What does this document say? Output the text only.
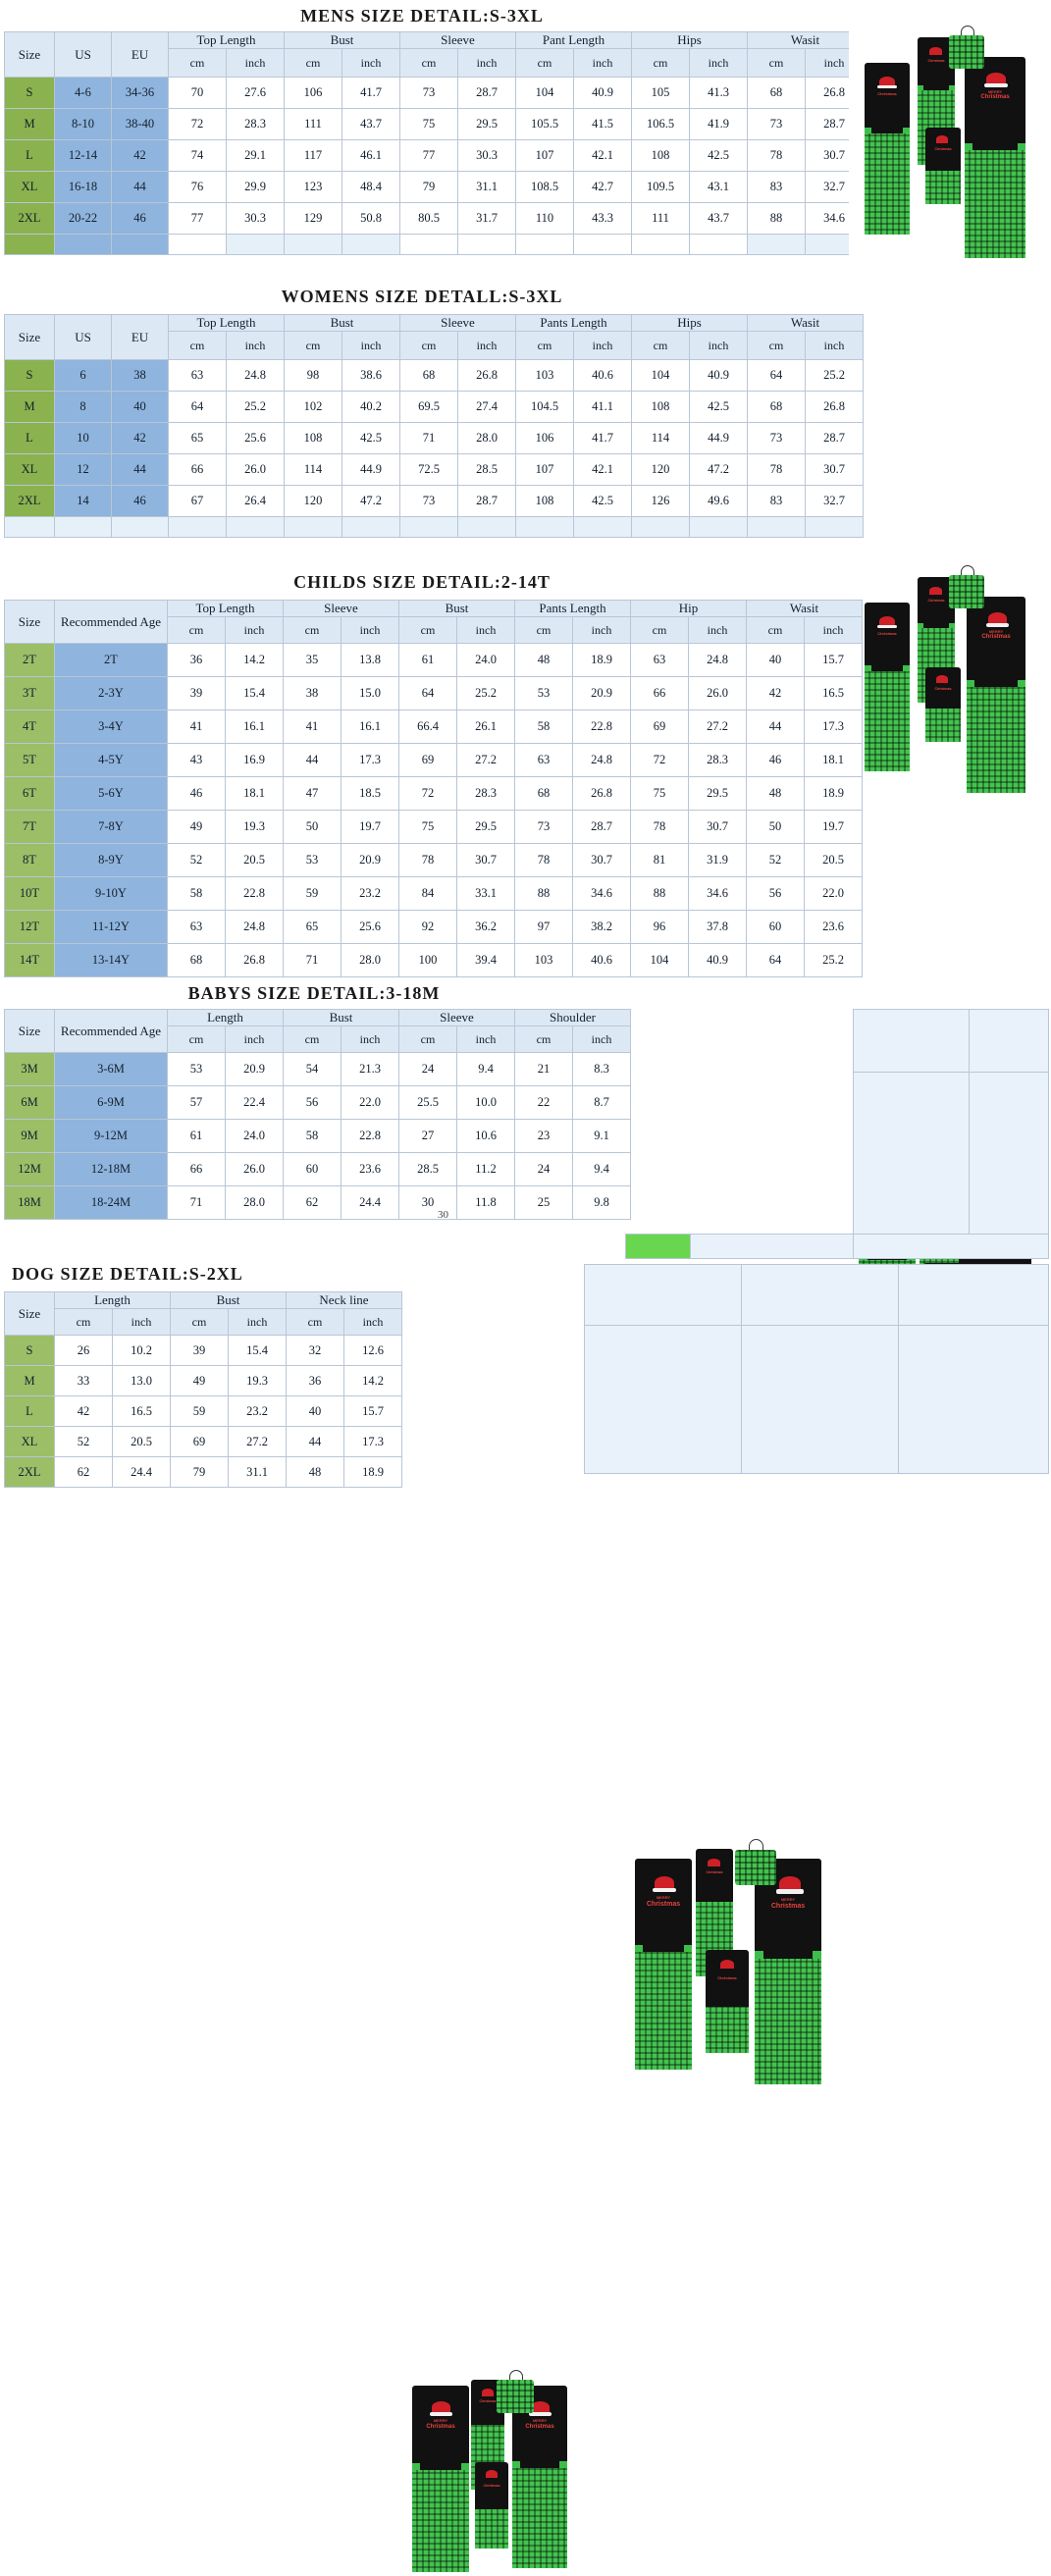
MENS SIZE DETAIL:S-3XL
Size	US	EU	Top Length		Bust		Sleeve		Pant Length		Hips		Wasit	
			cm	inch	cm	inch	cm	inch	cm	inch	cm	inch	cm	inch
S	4-6	34-36	70	27.6	106	41.7	73	28.7	104	40.9	105	41.3	68	26.8
M	8-10	38-40	72	28.3	111	43.7	75	29.5	105.5	41.5	106.5	41.9	73	28.7
L	12-14	42	74	29.1	117	46.1	77	30.3	107	42.1	108	42.5	78	30.7
XL	16-18	44	76	29.9	123	48.4	79	31.1	108.5	42.7	109.5	43.1	83	32.7
2XL	20-22	46	77	30.3	129	50.8	80.5	31.7	110	43.3	111	43.7	88	34.6

MERRY
Christmas
Christmas
Christmas
Christmas
WOMENS SIZE DETALL:S-3XL
Size	US	EU	Top Length		Bust		Sleeve		Pants Length		Hips		Wasit	
			cm	inch	cm	inch	cm	inch	cm	inch	cm	inch	cm	inch
S	6	38	63	24.8	98	38.6	68	26.8	103	40.6	104	40.9	64	25.2
M	8	40	64	25.2	102	40.2	69.5	27.4	104.5	41.1	108	42.5	68	26.8
L	10	42	65	25.6	108	42.5	71	28.0	106	41.7	114	44.9	73	28.7
XL	12	44	66	26.0	114	44.9	72.5	28.5	107	42.1	120	47.2	78	30.7
2XL	14	46	67	26.4	120	47.2	73	28.7	108	42.5	126	49.6	83	32.7

MERRY
Christmas
Christmas
Christmas
Christmas
CHILDS SIZE DETAIL:2-14T
Size	Recommended Age	Top Length		Sleeve		Bust		Pants Length		Hip		Wasit	
		cm	inch	cm	inch	cm	inch	cm	inch	cm	inch	cm	inch
2T	2T	36	14.2	35	13.8	61	24.0	48	18.9	63	24.8	40	15.7
3T	2-3Y	39	15.4	38	15.0	64	25.2	53	20.9	66	26.0	42	16.5
4T	3-4Y	41	16.1	41	16.1	66.4	26.1	58	22.8	69	27.2	44	17.3
5T	4-5Y	43	16.9	44	17.3	69	27.2	63	24.8	72	28.3	46	18.1
6T	5-6Y	46	18.1	47	18.5	72	28.3	68	26.8	75	29.5	48	18.9
7T	7-8Y	49	19.3	50	19.7	75	29.5	73	28.7	78	30.7	50	19.7
8T	8-9Y	52	20.5	53	20.9	78	30.7	78	30.7	81	31.9	52	20.5
10T	9-10Y	58	22.8	59	23.2	84	33.1	88	34.6	88	34.6	56	22.0
12T	11-12Y	63	24.8	65	25.6	92	36.2	97	38.2	96	37.8	60	23.6
14T	13-14Y	68	26.8	71	28.0	100	39.4	103	40.6	104	40.9	64	25.2
BABYS SIZE DETAIL:3-18M
Size	Recommended Age	Length		Bust		Sleeve		Shoulder	
		cm	inch	cm	inch	cm	inch	cm	inch
3M	3-6M	53	20.9	54	21.3	24	9.4	21	8.3
6M	6-9M	57	22.4	56	22.0	25.5	10.0	22	8.7
9M	9-12M	61	24.0	58	22.8	27	10.6	23	9.1
12M	12-18M	66	26.0	60	23.6	28.5	11.2	24	9.4
18M	18-24M	71	28.0	62	24.4	30	11.8	25	9.8
30
MERRY
Christmas
Christmas
Christmas
MERRY
Christmas
DOG SIZE DETAIL:S-2XL
Size	Length		Bust		Neck line	
	cm	inch	cm	inch	cm	inch
S	26	10.2	39	15.4	32	12.6
M	33	13.0	49	19.3	36	14.2
L	42	16.5	59	23.2	40	15.7
XL	52	20.5	69	27.2	44	17.3
2XL	62	24.4	79	31.1	48	18.9
MERRY
Christmas
Christmas
Christmas
MERRY
Christmas
